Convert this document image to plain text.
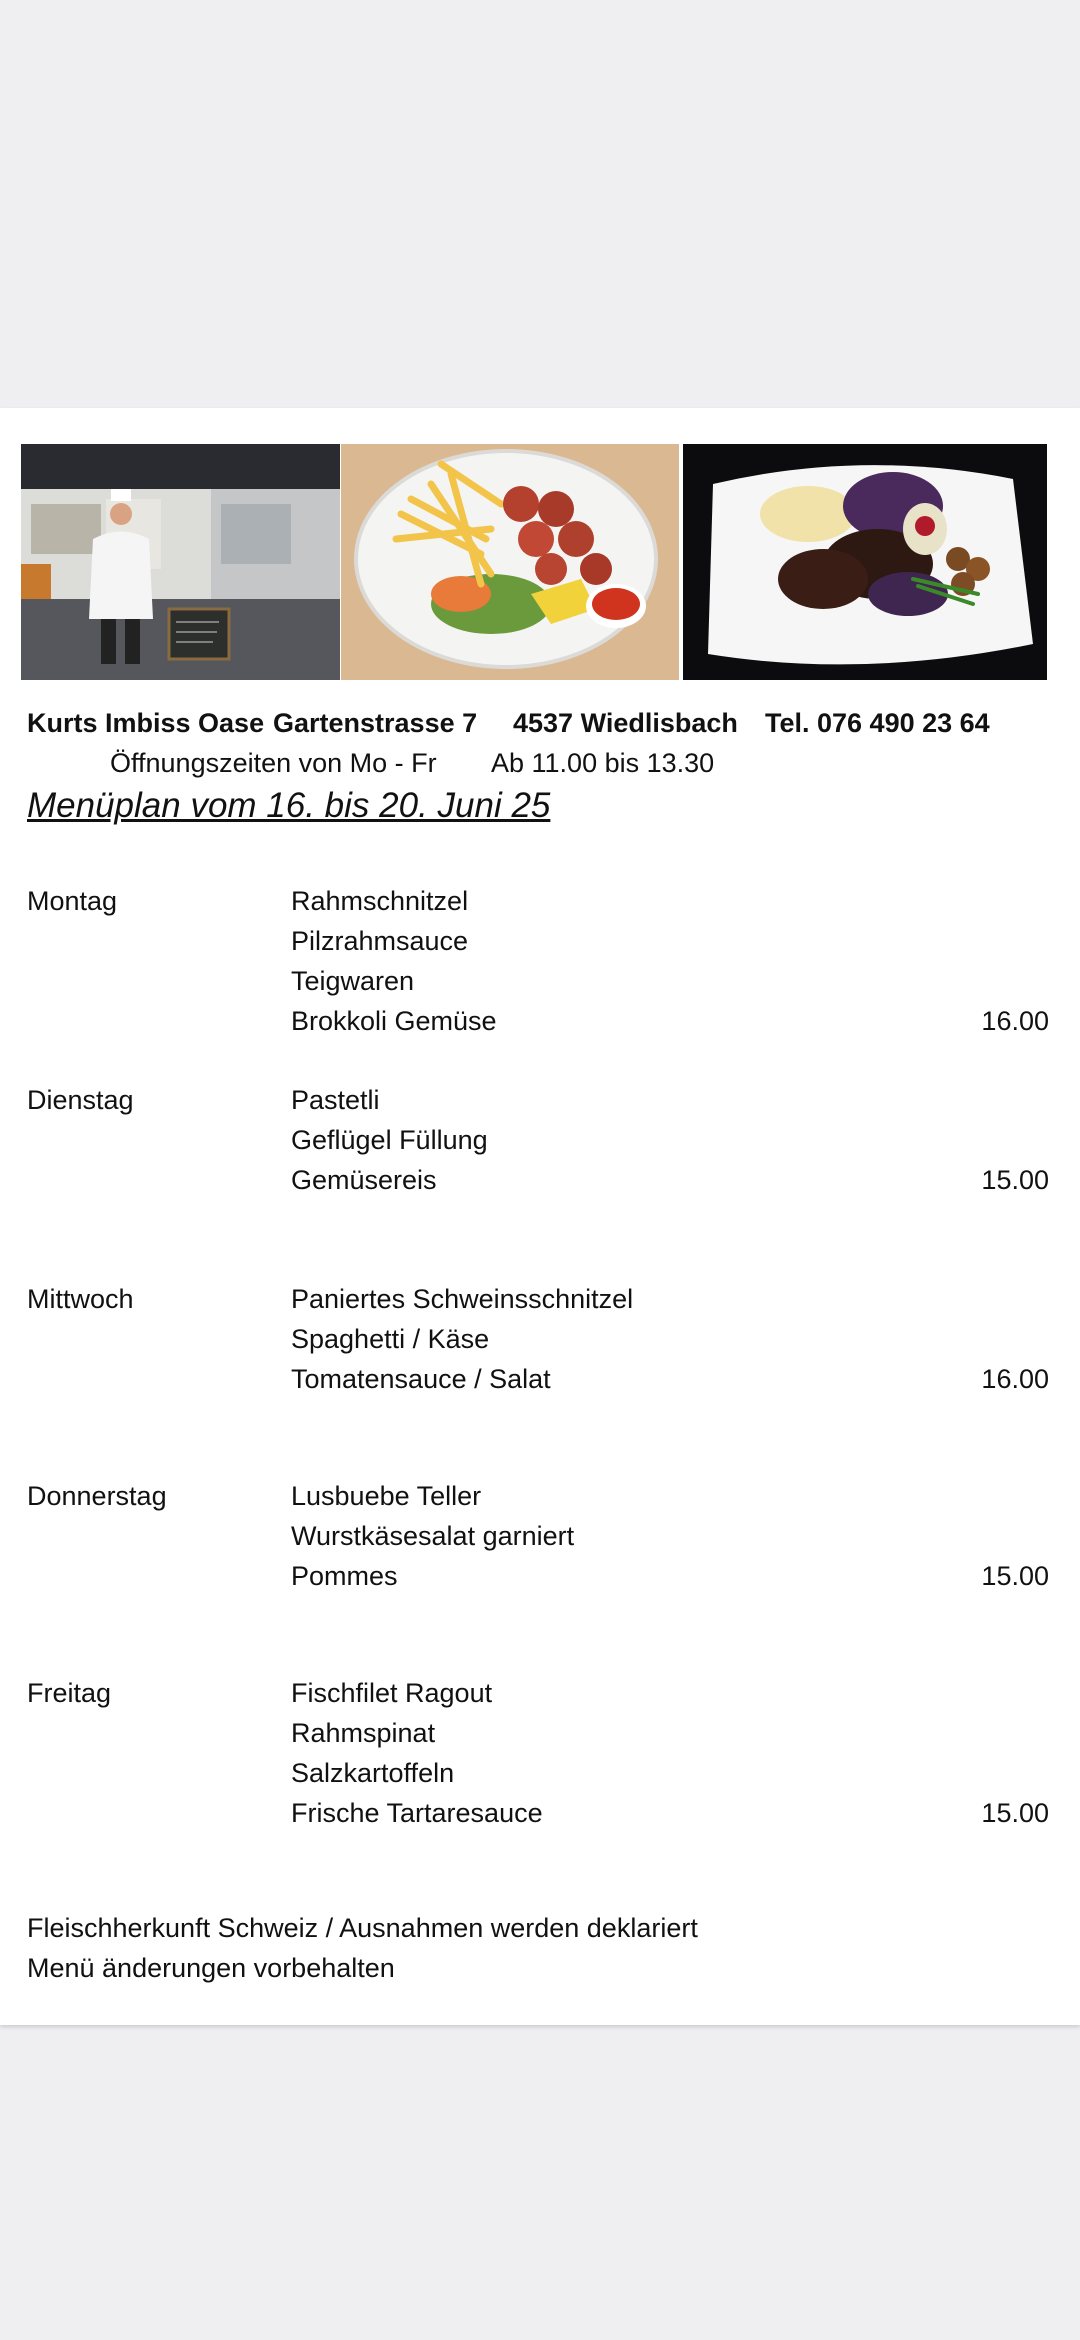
Kurts Imbiss Oase Gartenstrasse 7 4537 Wiedlisbach Tel. 076 490 23 64
Öffnungszeiten von Mo - Fr Ab 11.00 bis 13.30
Menüplan vom 16. bis 20. Juni 25
Montag	Rahmschnitzel
Pilzrahmsauce
Teigwaren
Brokkoli Gemüse	16.00
Dienstag	Pastetli
Geflügel Füllung
Gemüsereis	15.00
Mittwoch	Paniertes Schweinsschnitzel
Spaghetti / Käse
Tomatensauce / Salat	16.00
Donnerstag	Lusbuebe Teller
Wurstkäsesalat garniert
Pommes	15.00
Freitag	Fischfilet Ragout
Rahmspinat
Salzkartoffeln
Frische Tartaresauce	15.00
Fleischherkunft Schweiz / Ausnahmen werden deklariert
Menü änderungen vorbehalten
